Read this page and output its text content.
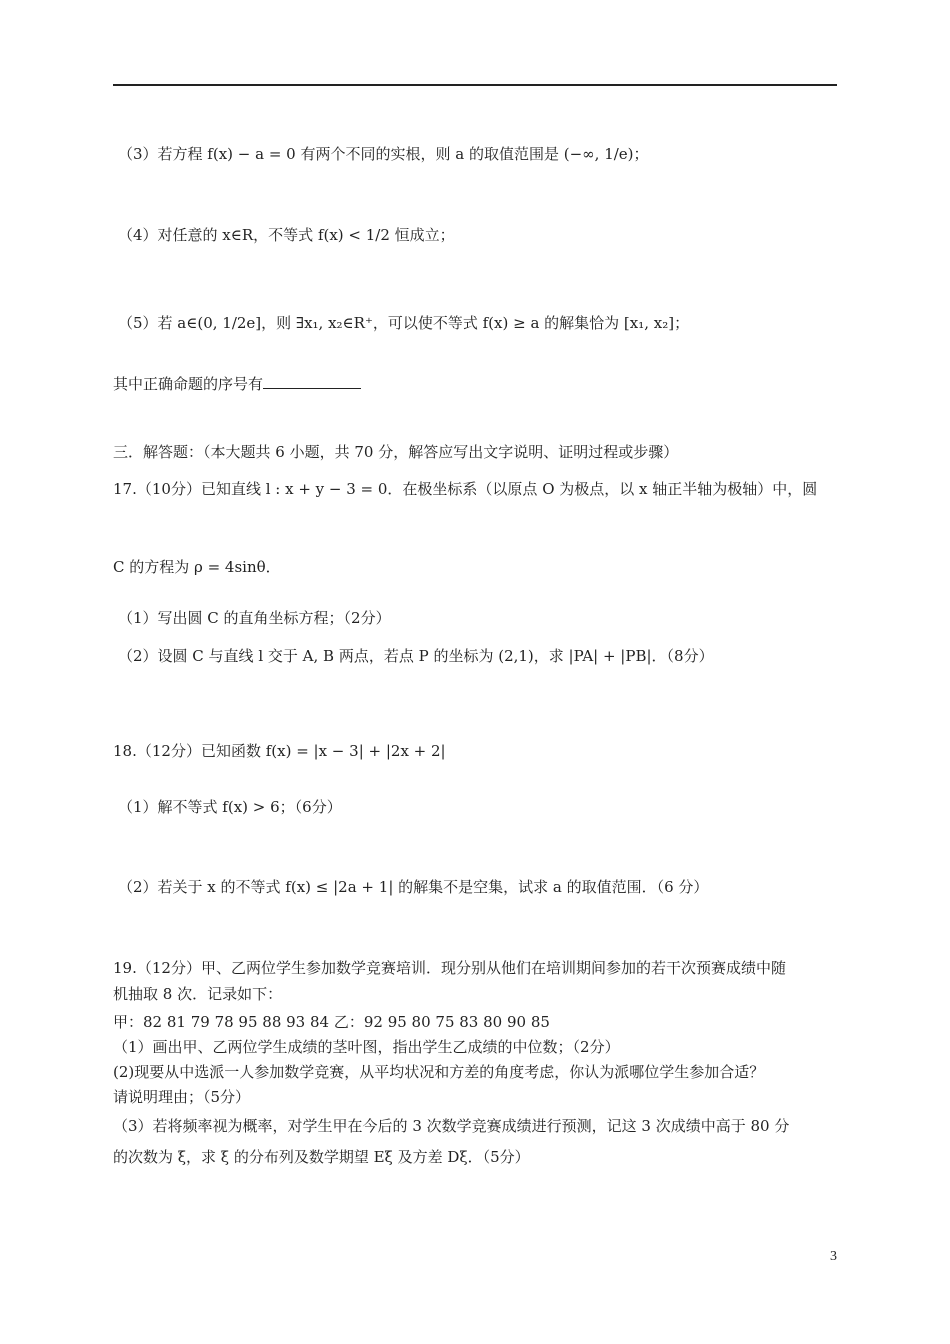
（3）若方程 f(x) − a = 0 有两个不同的实根，则 a 的取值范围是 (−∞, 1/e)；
（4）对任意的 x∈R，不等式 f(x) < 1/2 恒成立；
（5）若 a∈(0, 1/2e]，则 ∃x₁, x₂∈R⁺，可以使不等式 f(x) ≥ a 的解集恰为 [x₁, x₂]；
其中正确命题的序号有
三．解答题：（本大题共 6 小题，共 70 分，解答应写出文字说明、证明过程或步骤）
17.（10分）已知直线 l : x + y − 3 = 0．在极坐标系（以原点 O 为极点，以 x 轴正半轴为极轴）中，圆
C 的方程为 ρ = 4sinθ．
（1）写出圆 C 的直角坐标方程；（2分）
（2）设圆 C 与直线 l 交于 A, B 两点，若点 P 的坐标为 (2,1)，求 |PA| + |PB|．（8分）
18.（12分）已知函数 f(x) = |x − 3| + |2x + 2|
（1）解不等式 f(x) > 6；（6分）
（2）若关于 x 的不等式 f(x) ≤ |2a + 1| 的解集不是空集，试求 a 的取值范围．（6 分）
19.（12分）甲、乙两位学生参加数学竞赛培训．现分别从他们在培训期间参加的若干次预赛成绩中随
机抽取 8 次．记录如下：
甲：82 81 79 78 95 88 93 84 乙：92 95 80 75 83 80 90 85
（1）画出甲、乙两位学生成绩的茎叶图，指出学生乙成绩的中位数；（2分）
(2)现要从中选派一人参加数学竞赛，从平均状况和方差的角度考虑，你认为派哪位学生参加合适？
请说明理由；（5分）
（3）若将频率视为概率，对学生甲在今后的 3 次数学竞赛成绩进行预测，记这 3 次成绩中高于 80 分
的次数为 ξ，求 ξ 的分布列及数学期望 Eξ 及方差 Dξ．（5分）
3
